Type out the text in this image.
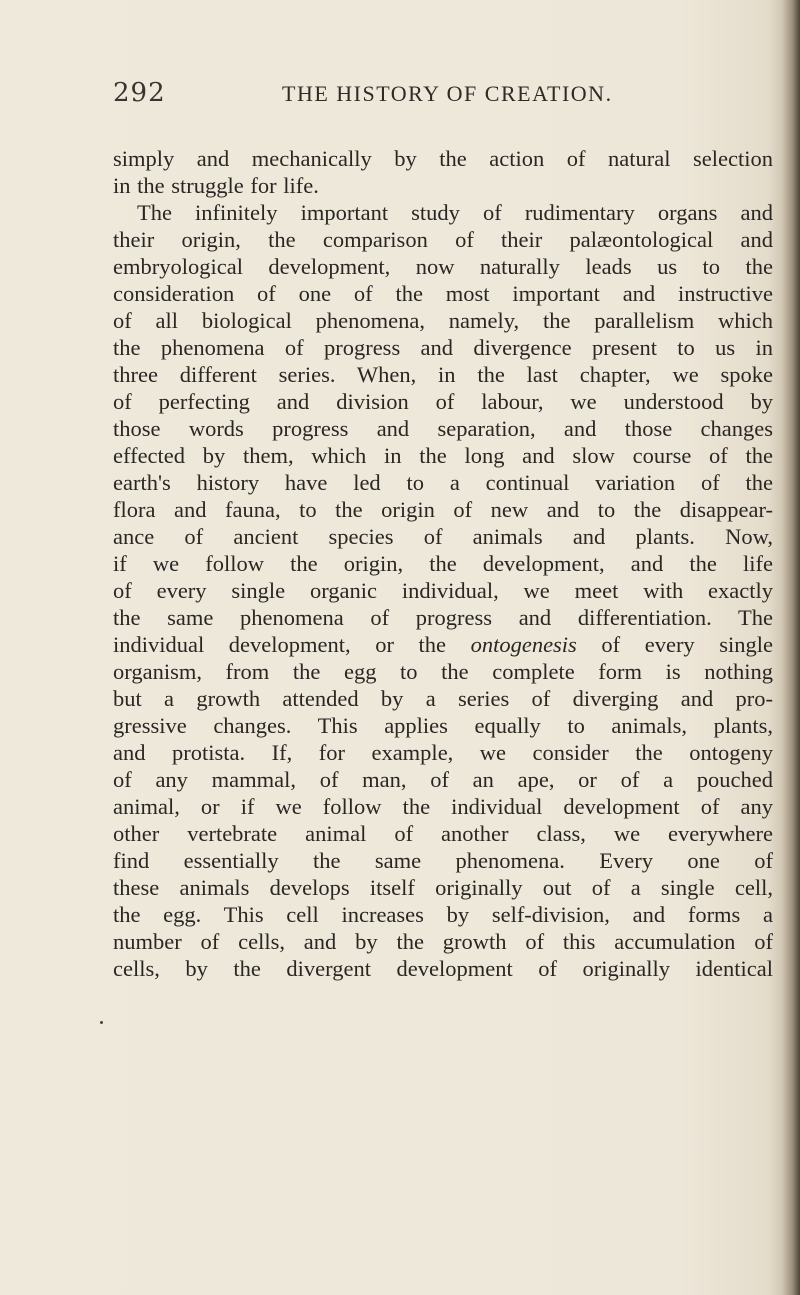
292	THE HISTORY OF CREATION.
simply and mechanically by the action of natural selection
in the struggle for life.
The infinitely important study of rudimentary organs and
their origin, the comparison of their palæontological and
embryological development, now naturally leads us to the
consideration of one of the most important and instructive
of all biological phenomena, namely, the parallelism which
the phenomena of progress and divergence present to us in
three different series. When, in the last chapter, we spoke
of perfecting and division of labour, we understood by
those words progress and separation, and those changes
effected by them, which in the long and slow course of the
earth's history have led to a continual variation of the
flora and fauna, to the origin of new and to the disappear-
ance of ancient species of animals and plants. Now,
if we follow the origin, the development, and the life
of every single organic individual, we meet with exactly
the same phenomena of progress and differentiation. The
individual development, or the ontogenesis of every single
organism, from the egg to the complete form is nothing
but a growth attended by a series of diverging and pro-
gressive changes. This applies equally to animals, plants,
and protista. If, for example, we consider the ontogeny
of any mammal, of man, of an ape, or of a pouched
animal, or if we follow the individual development of any
other vertebrate animal of another class, we everywhere
find essentially the same phenomena. Every one of
these animals develops itself originally out of a single cell,
the egg. This cell increases by self-division, and forms a
number of cells, and by the growth of this accumulation of
cells, by the divergent development of originally identical
